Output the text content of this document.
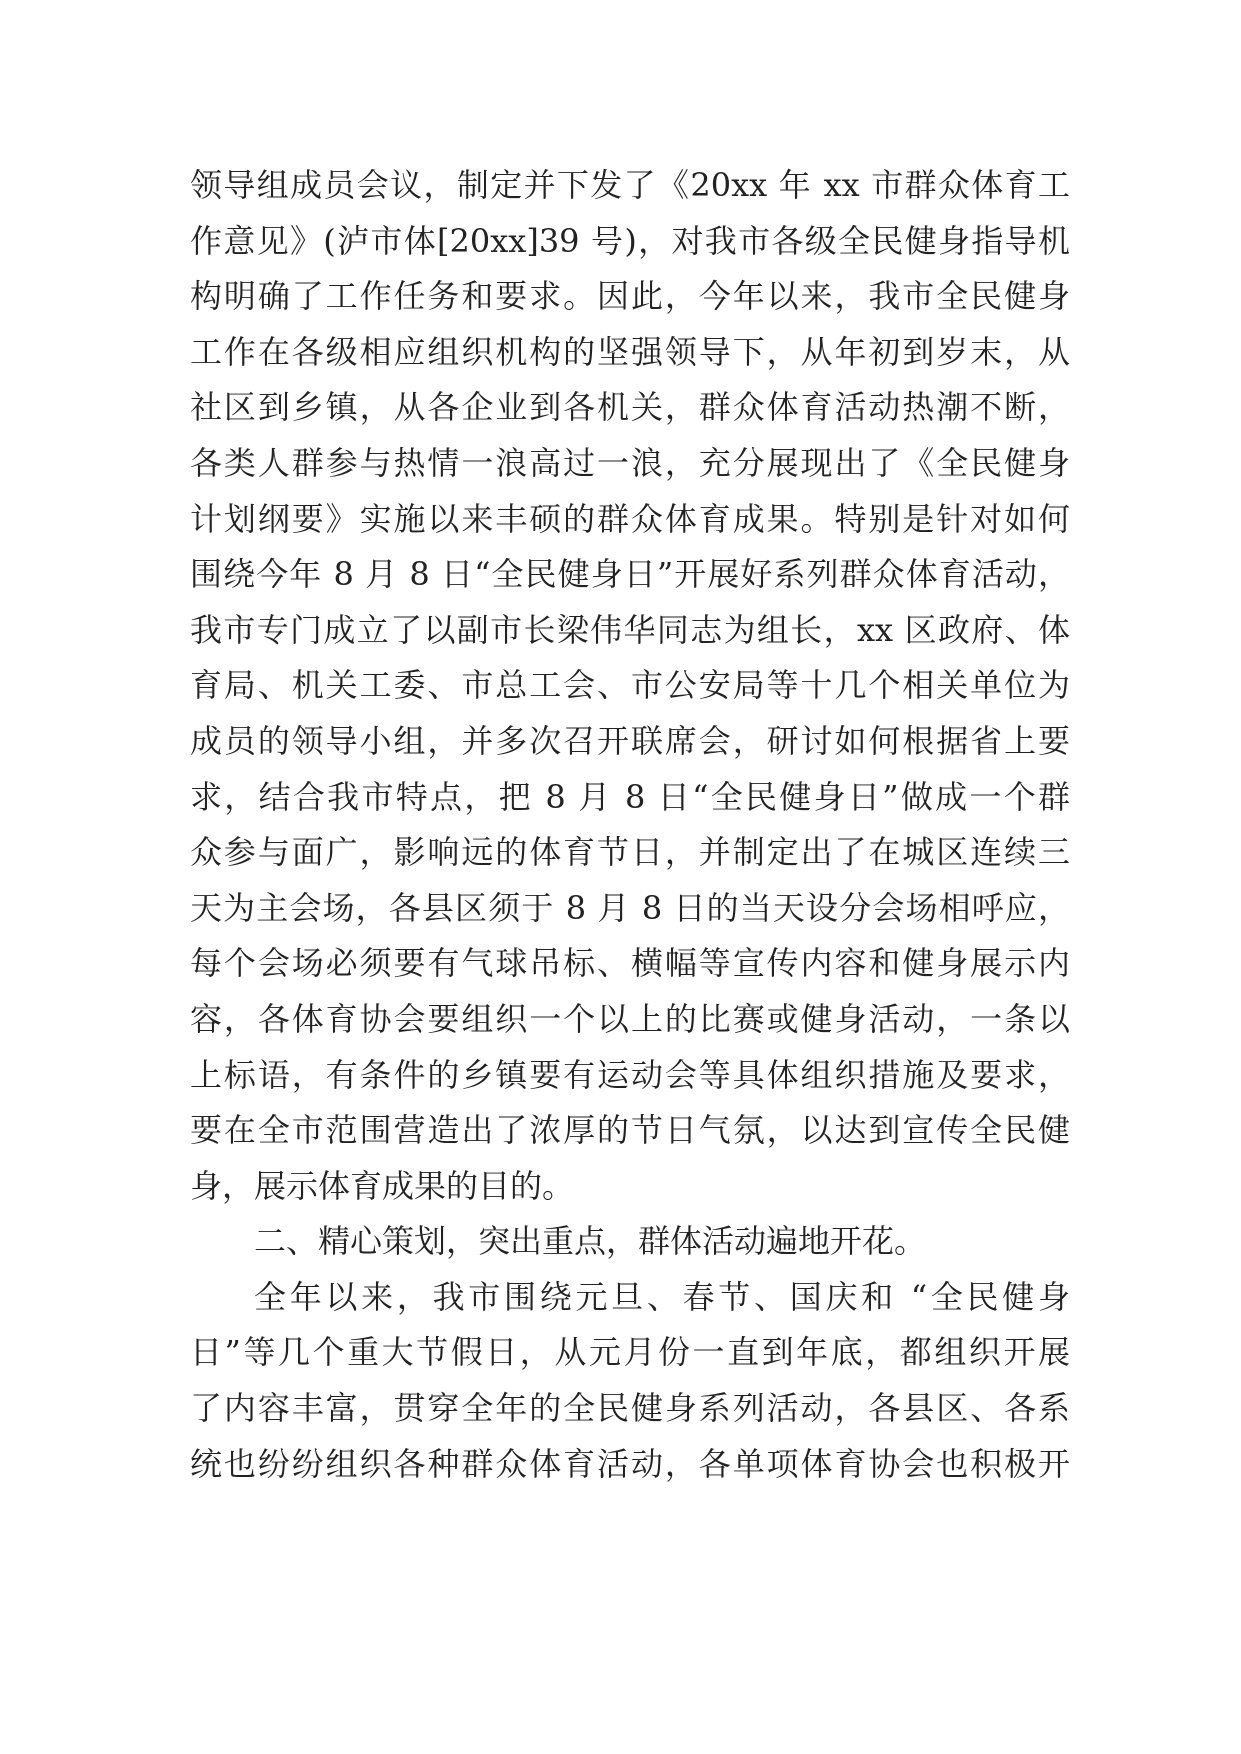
领导组成员会议，制定并下发了《20xx 年 xx 市群众体育工
作意见》(泸市体[20xx]39 号)，对我市各级全民健身指导机
构明确了工作任务和要求。因此，今年以来，我市全民健身
工作在各级相应组织机构的坚强领导下，从年初到岁末，从
社区到乡镇，从各企业到各机关，群众体育活动热潮不断，
各类人群参与热情一浪高过一浪，充分展现出了《全民健身
计划纲要》实施以来丰硕的群众体育成果。特别是针对如何
围绕今年 8 月 8 日“全民健身日”开展好系列群众体育活动，
我市专门成立了以副市长梁伟华同志为组长，xx 区政府、体
育局、机关工委、市总工会、市公安局等十几个相关单位为
成员的领导小组，并多次召开联席会，研讨如何根据省上要
求，结合我市特点，把 8 月 8 日“全民健身日”做成一个群
众参与面广，影响远的体育节日，并制定出了在城区连续三
天为主会场，各县区须于 8 月 8 日的当天设分会场相呼应，
每个会场必须要有气球吊标、横幅等宣传内容和健身展示内
容，各体育协会要组织一个以上的比赛或健身活动，一条以
上标语，有条件的乡镇要有运动会等具体组织措施及要求，
要在全市范围营造出了浓厚的节日气氛，以达到宣传全民健
身，展示体育成果的目的。
二、精心策划，突出重点，群体活动遍地开花。
全年以来，我市围绕元旦、春节、国庆和 “全民健身
日”等几个重大节假日，从元月份一直到年底，都组织开展
了内容丰富，贯穿全年的全民健身系列活动，各县区、各系
统也纷纷组织各种群众体育活动，各单项体育协会也积极开
